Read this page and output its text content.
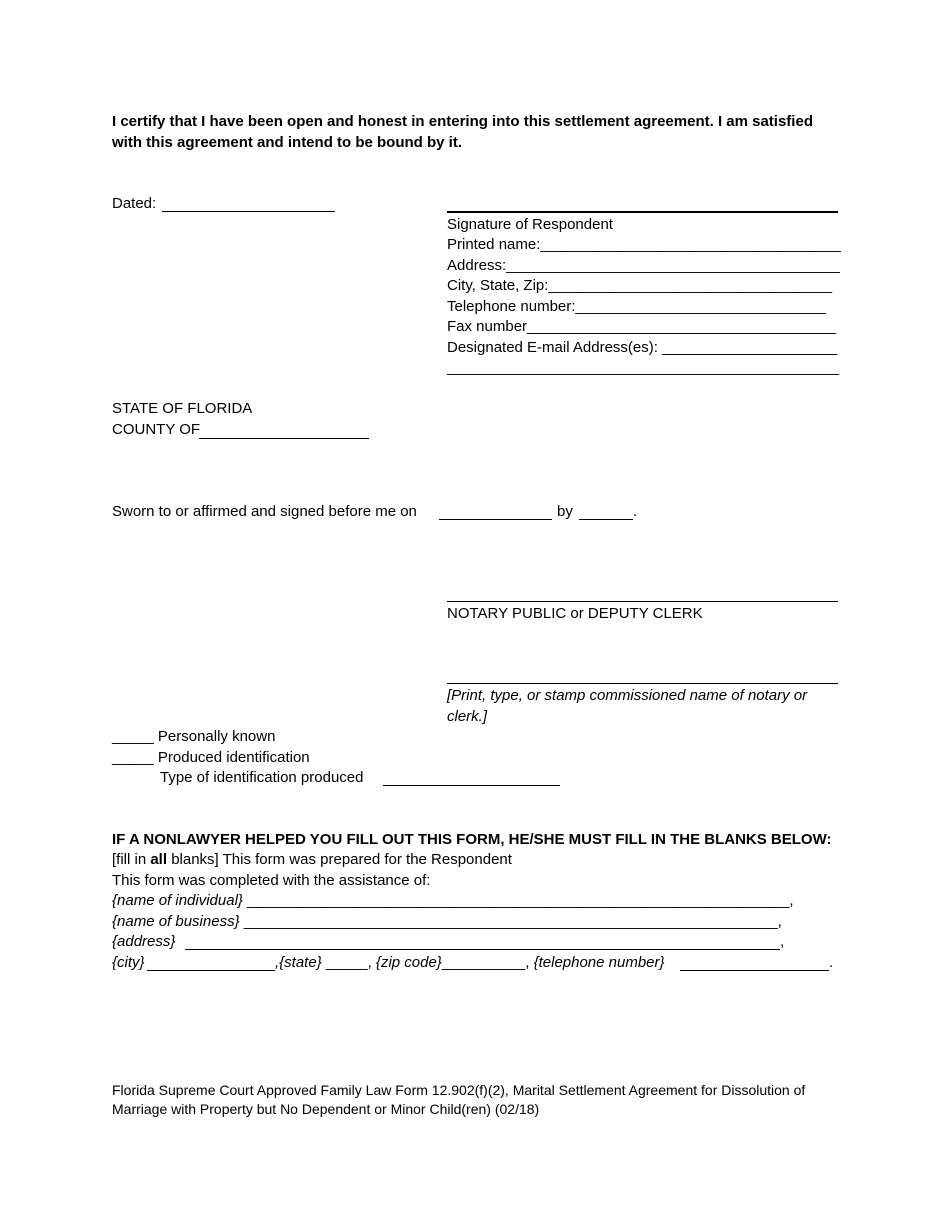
I certify that I have been open and honest in entering into this settlement agreement. I am satisfied
with this agreement and intend to be bound by it.
Dated:
Signature of Respondent
Printed name:____________________________________
Address:________________________________________
City, State, Zip:__________________________________
Telephone number:______________________________
Fax number_____________________________________
Designated E-mail Address(es): _____________________
_______________________________________________
STATE OF FLORIDA
COUNTY OF
Sworn to or affirmed and signed before me on	by	.
NOTARY PUBLIC or DEPUTY CLERK
[Print, type, or stamp commissioned name of notary or
clerk.]
_____ Personally known
_____ Produced identification
Type of identification produced
IF A NONLAWYER HELPED YOU FILL OUT THIS FORM, HE/SHE MUST FILL IN THE BLANKS BELOW:
[fill in all blanks] This form was prepared for the Respondent
This form was completed with the assistance of:
{name of individual} _________________________________________________________________,
{name of business} ________________________________________________________________,
{address}	,
{city}	,{state} _____, {zip code}__________, {telephone number}	.
Florida Supreme Court Approved Family Law Form 12.902(f)(2), Marital Settlement Agreement for Dissolution of
Marriage with Property but No Dependent or Minor Child(ren) (02/18)
